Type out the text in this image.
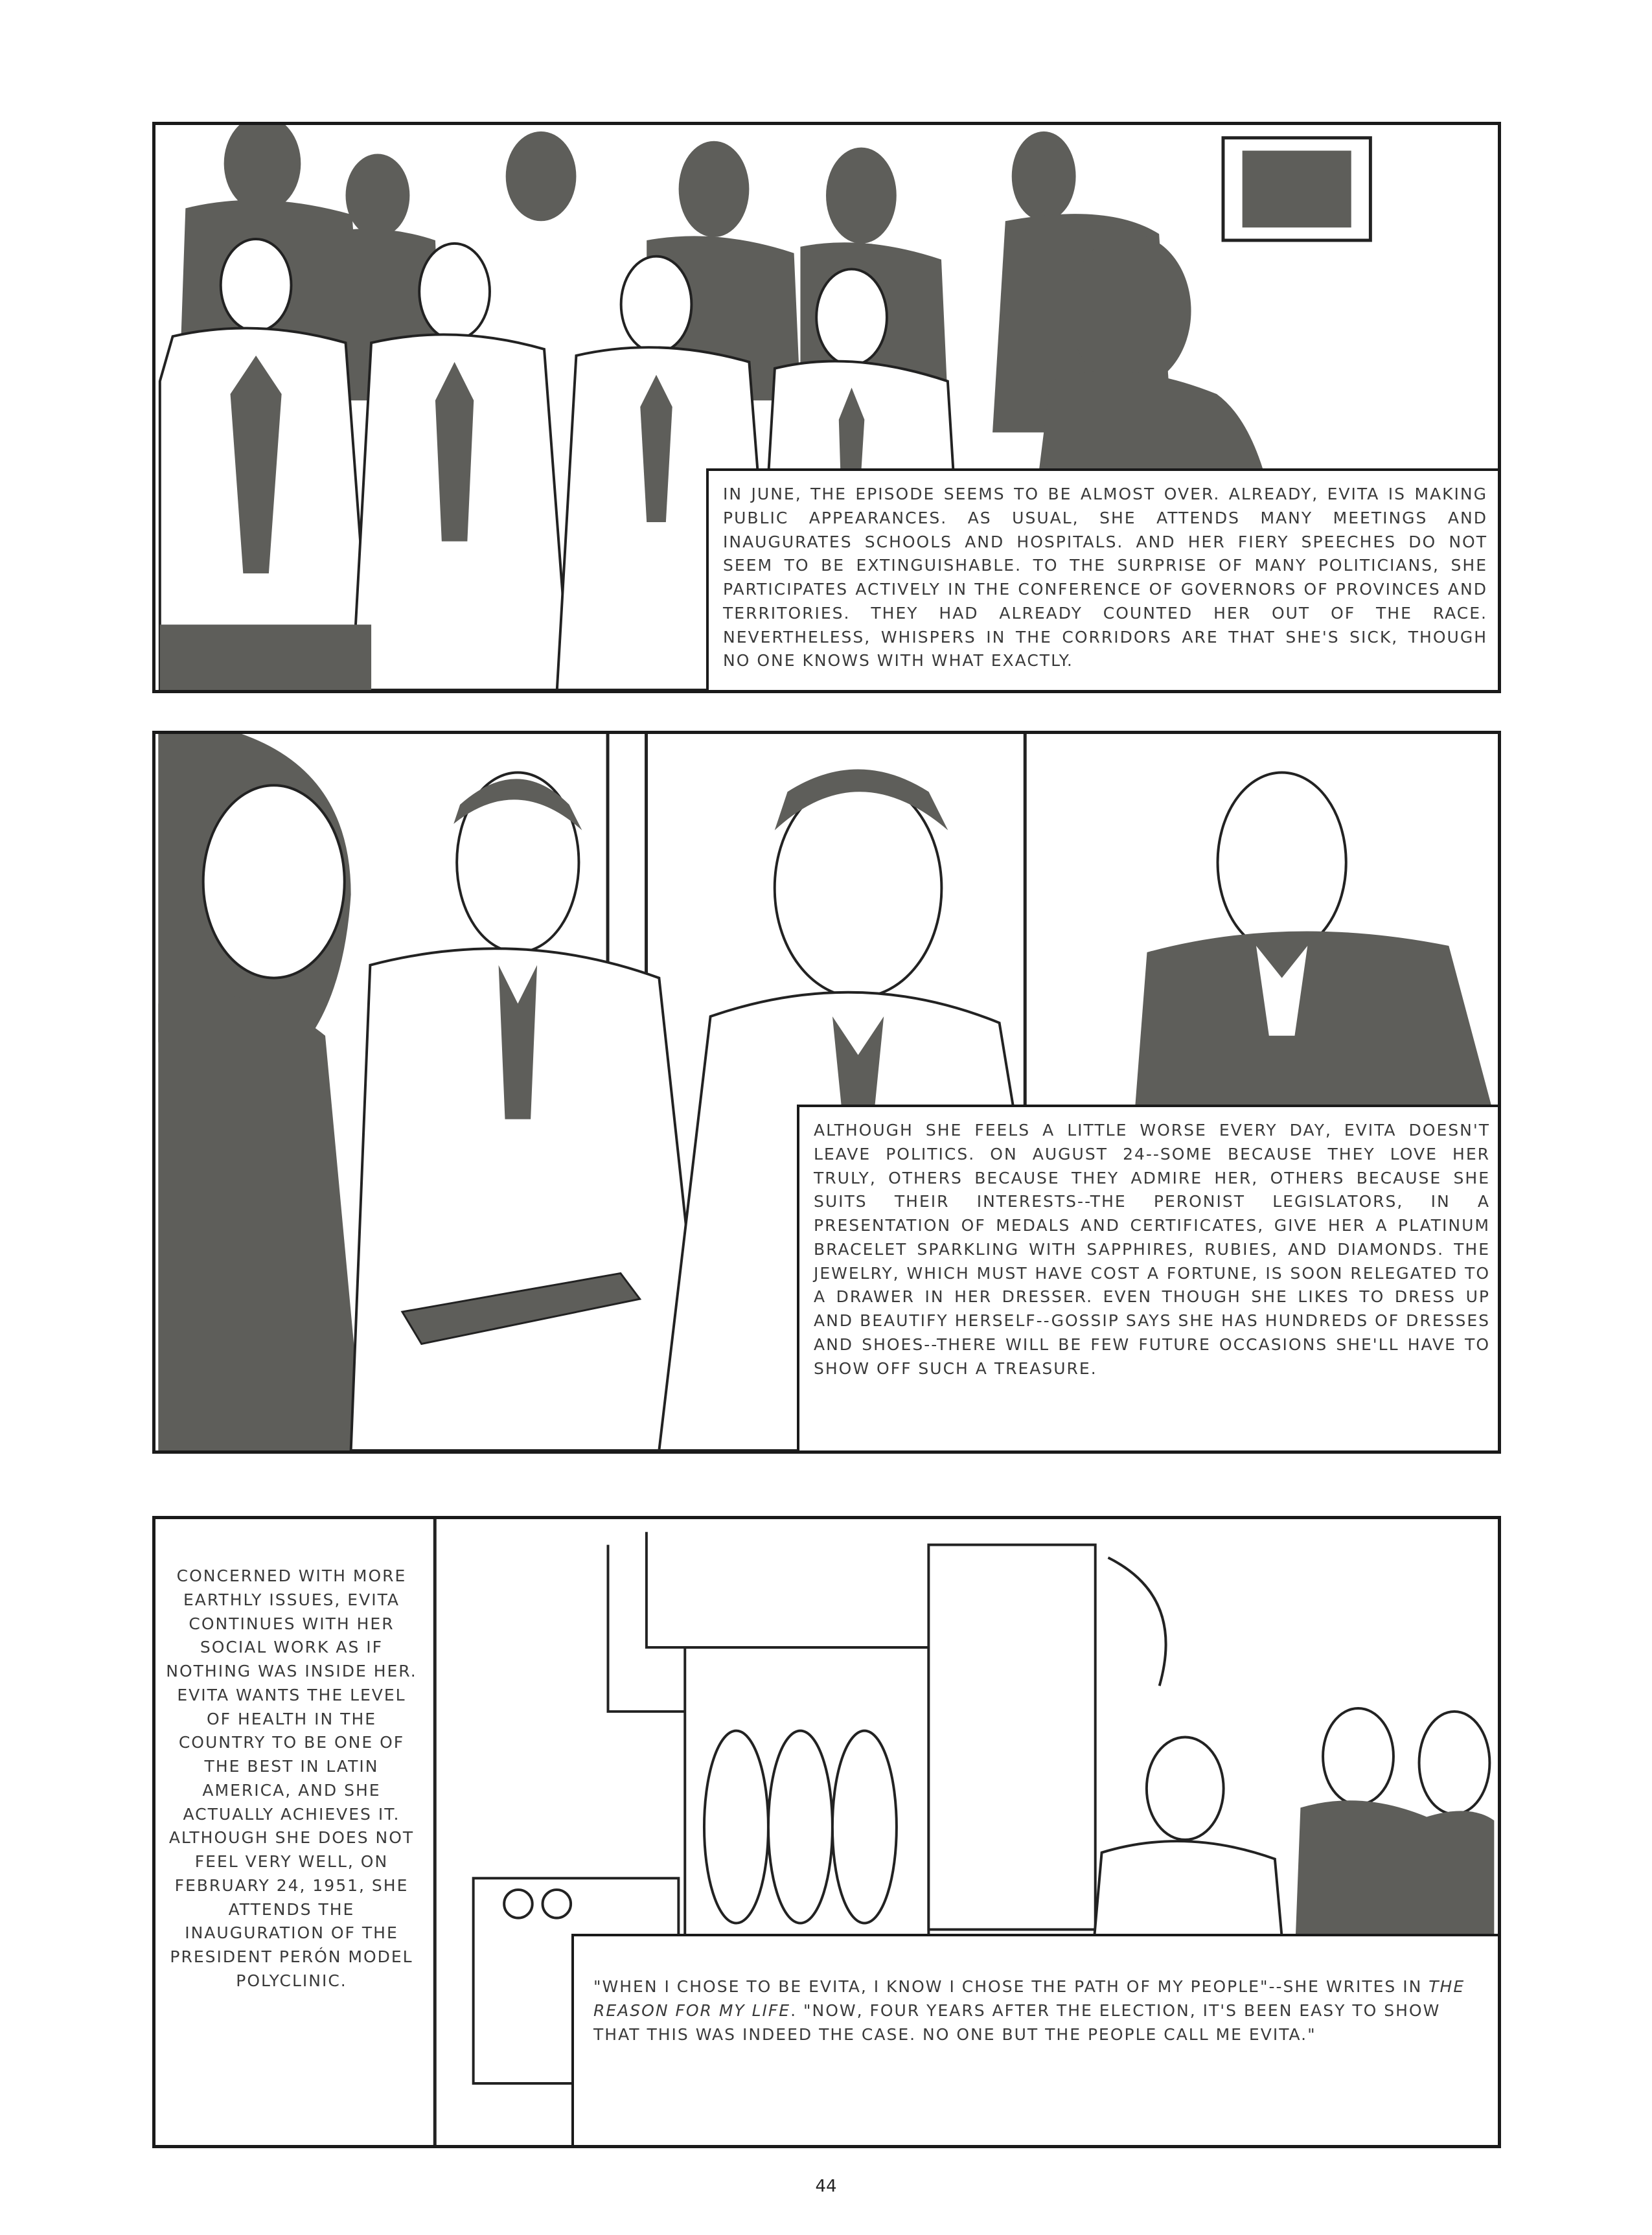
IN JUNE, THE EPISODE SEEMS TO BE ALMOST OVER. ALREADY, EVITA IS MAKING PUBLIC APPEARANCES. AS USUAL, SHE ATTENDS MANY MEETINGS AND INAUGURATES SCHOOLS AND HOSPITALS. AND HER FIERY SPEECHES DO NOT SEEM TO BE EXTINGUISHABLE. TO THE SURPRISE OF MANY POLITICIANS, SHE PARTICIPATES ACTIVELY IN THE CONFERENCE OF GOVERNORS OF PROVINCES AND TERRITORIES. THEY HAD ALREADY COUNTED HER OUT OF THE RACE. NEVERTHELESS, WHISPERS IN THE CORRIDORS ARE THAT SHE'S SICK, THOUGH NO ONE KNOWS WITH WHAT EXACTLY.
ALTHOUGH SHE FEELS A LITTLE WORSE EVERY DAY, EVITA DOESN'T LEAVE POLITICS. ON AUGUST 24--SOME BECAUSE THEY LOVE HER TRULY, OTHERS BECAUSE THEY ADMIRE HER, OTHERS BECAUSE SHE SUITS THEIR INTERESTS--THE PERONIST LEGISLATORS, IN A PRESENTATION OF MEDALS AND CERTIFICATES, GIVE HER A PLATINUM BRACELET SPARKLING WITH SAPPHIRES, RUBIES, AND DIAMONDS. THE JEWELRY, WHICH MUST HAVE COST A FORTUNE, IS SOON RELEGATED TO A DRAWER IN HER DRESSER. EVEN THOUGH SHE LIKES TO DRESS UP AND BEAUTIFY HERSELF--GOSSIP SAYS SHE HAS HUNDREDS OF DRESSES AND SHOES--THERE WILL BE FEW FUTURE OCCASIONS SHE'LL HAVE TO SHOW OFF SUCH A TREASURE.
CONCERNED WITH MORE EARTHLY ISSUES, EVITA CONTINUES WITH HER SOCIAL WORK AS IF NOTHING WAS INSIDE HER. EVITA WANTS THE LEVEL OF HEALTH IN THE COUNTRY TO BE ONE OF THE BEST IN LATIN AMERICA, AND SHE ACTUALLY ACHIEVES IT. ALTHOUGH SHE DOES NOT FEEL VERY WELL, ON FEBRUARY 24, 1951, SHE ATTENDS THE INAUGURATION OF THE PRESIDENT PERÓN MODEL POLYCLINIC.	"WHEN I CHOSE TO BE EVITA, I KNOW I CHOSE THE PATH OF MY PEOPLE"--SHE WRITES IN THE REASON FOR MY LIFE. "NOW, FOUR YEARS AFTER THE ELECTION, IT'S BEEN EASY TO SHOW THAT THIS WAS INDEED THE CASE. NO ONE BUT THE PEOPLE CALL ME EVITA."
44
